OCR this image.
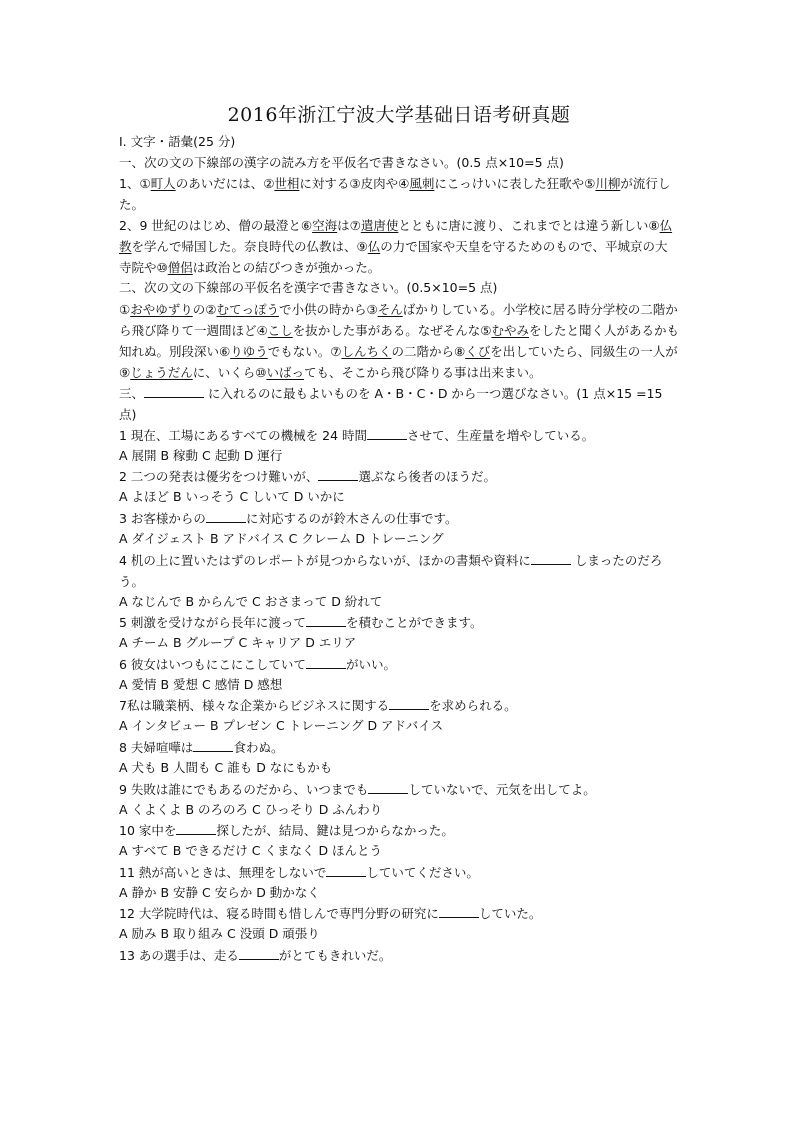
2016年浙江宁波大学基础日语考研真题
Ⅰ. 文字・語彙(25 分)
一、次の文の下線部の漢字の読み方を平仮名で書きなさい。(0.5 点×10=5 点)
1、①町人のあいだには、②世相に対する③皮肉や④風刺にこっけいに表した狂歌や⑤川柳が流行した。
2、9 世紀のはじめ、僧の最澄と⑥空海は⑦遣唐使とともに唐に渡り、これまでとは違う新しい⑧仏教を学んで帰国した。奈良時代の仏教は、⑨仏の力で国家や天皇を守るためのもので、平城京の大寺院や⑩僧侶は政治との結びつきが強かった。
二、次の文の下線部の平仮名を漢字で書きなさい。(0.5×10=5 点)
①おやゆずりの②むてっぽうで小供の時から③そんばかりしている。小学校に居る時分学校の二階から飛び降りて一週間ほど④こしを抜かした事がある。なぜそんな⑤むやみをしたと聞く人があるかも知れぬ。別段深い⑥りゆうでもない。⑦しんちくの二階から⑧くびを出していたら、同級生の一人が⑨じょうだんに、いくら⑩いばっても、そこから飛び降りる事は出来まい。
三、	に入れるのに最もよいものを A・B・C・D から一つ選びなさい。(1 点×15 =15 点)
1 現在、工場にあるすべての機械を 24 時間	させて、生産量を増やしている。
A 展開 B 稼動 C 起動 D 運行
2 二つの発表は優劣をつけ難いが、	選ぶなら後者のほうだ。
A よほど B いっそう C しいて D いかに
3 お客様からの	に対応するのが鈴木さんの仕事です。
A ダイジェスト B アドバイス C クレーム D トレーニング
4 机の上に置いたはずのレポートが見つからないが、ほかの書類や資料に	しまったのだろう。
A なじんで B からんで C おさまって D 紛れて
5 刺激を受けながら長年に渡って	を積むことができます。
A チーム B グループ C キャリア D エリア
6 彼女はいつもにこにこしていて	がいい。
A 愛情 B 愛想 C 感情 D 感想
7私は職業柄、様々な企業からビジネスに関する	を求められる。
A インタビュー B プレゼン C トレーニング D アドバイス
8 夫婦喧嘩は	食わぬ。
A 犬も B 人間も C 誰も D なにもかも
9 失敗は誰にでもあるのだから、いつまでも	していないで、元気を出してよ。
A くよくよ B のろのろ C ひっそり D ふんわり
10 家中を	探したが、結局、鍵は見つからなかった。
A すべて B できるだけ C くまなく D ほんとう
11 熱が高いときは、無理をしないで	していてください。
A 静か B 安静 C 安らか D 動かなく
12 大学院時代は、寝る時間も惜しんで専門分野の研究に	していた。
A 励み B 取り組み C 没頭 D 頑張り
13 あの選手は、走る	がとてもきれいだ。
